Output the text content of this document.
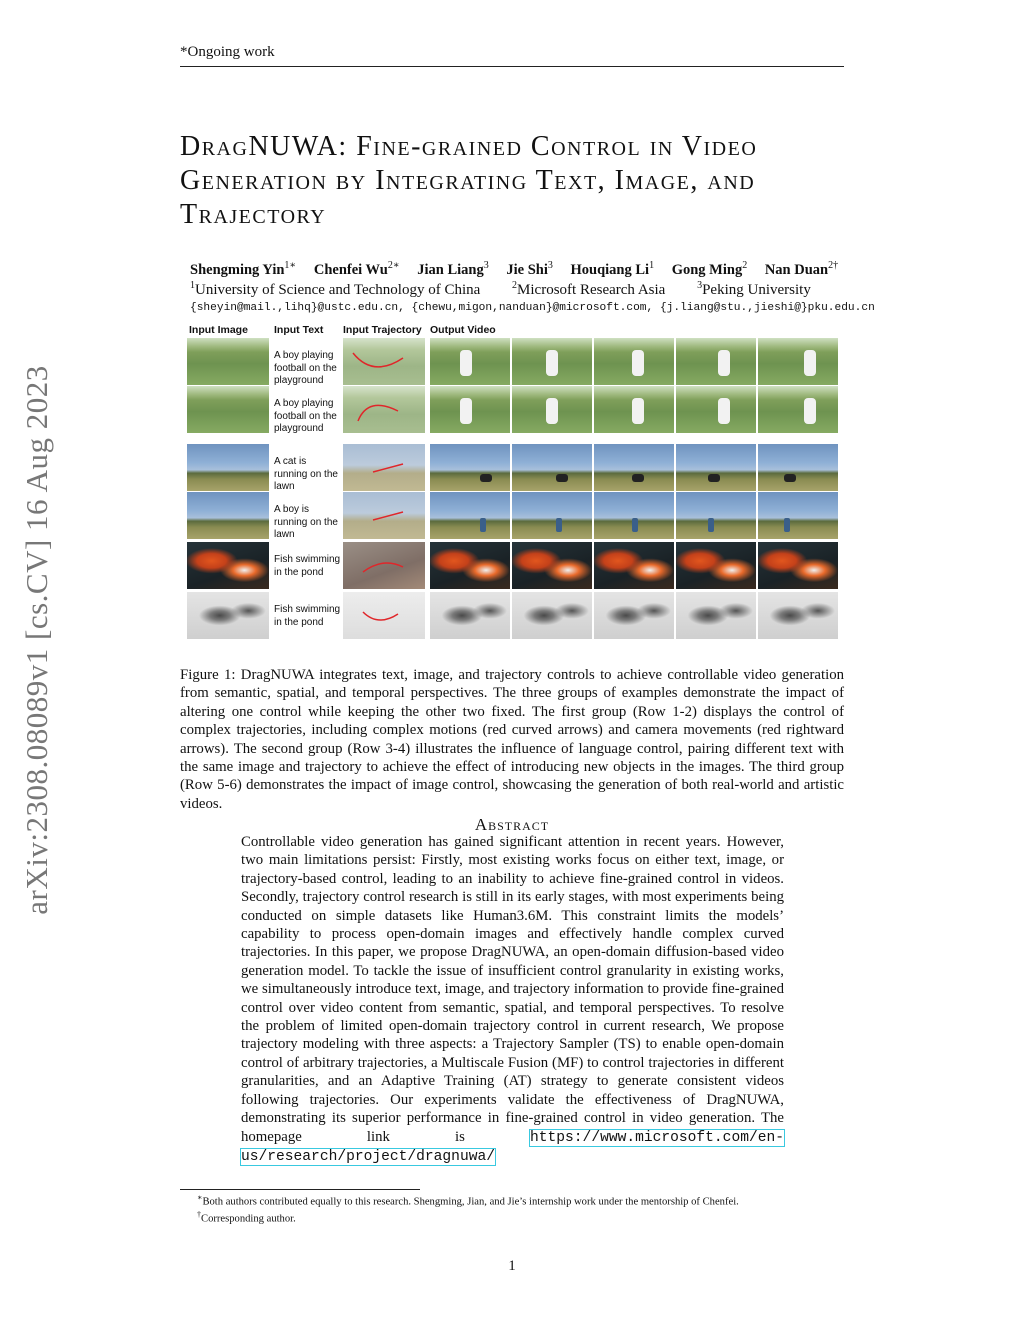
*Ongoing work
arXiv:2308.08089v1 [cs.CV] 16 Aug 2023
DragNUWA: Fine-grained Control in Video
Generation by Integrating Text, Image, and
Trajectory
Shengming Yin$^{1∗}$ Chenfei $Wu^{2∗}$ Jian Liang$^3$ Jie Shi$^3$ Houqiang Li$^1$ Gong Ming$^2$ Nan Duan$^{2\dagger}$
$^1$University of Science and Technology of China	$^2$Microsoft Research Asia	$^3$Peking University
{sheyin@mail.,lihq}@ustc.edu.cn, {chewu,migon,nanduan}@microsoft.com, {j.liang@stu.,jieshi@}pku.edu.cn
Input Image Input Text Input Trajectory Output Video
A boy playing football on the playground
A boy playing football on the playground
A cat is running on the lawn
A boy is running on the lawn
Fish swimming in the pond
Fish swimming in the pond
Figure 1: DragNUWA integrates text, image, and trajectory controls to achieve controllable video generation from semantic, spatial, and temporal perspectives. The three groups of examples demonstrate the impact of altering one control while keeping the other two fixed. The first group (Row 1-2) displays the control of complex trajectories, including complex motions (red curved arrows) and camera movements (red rightward arrows). The second group (Row 3-4) illustrates the influence of language control, pairing different text with the same image and trajectory to achieve the effect of introducing new objects in the images. The third group (Row 5-6) demonstrates the impact of image control, showcasing the generation of both real-world and artistic videos.
Abstract
Controllable video generation has gained significant attention in recent years. However, two main limitations persist: Firstly, most existing works focus on either text, image, or trajectory-based control, leading to an inability to achieve fine-grained control in videos. Secondly, trajectory control research is still in its early stages, with most experiments being conducted on simple datasets like Human3.6M. This constraint limits the models’ capability to process open-domain images and effectively handle complex curved trajectories. In this paper, we propose DragNUWA, an open-domain diffusion-based video generation model. To tackle the issue of insufficient control granularity in existing works, we simultaneously introduce text, image, and trajectory information to provide fine-grained control over video content from semantic, spatial, and temporal perspectives. To resolve the problem of limited open-domain trajectory control in current research, We propose trajectory modeling with three aspects: a Trajectory Sampler (TS) to enable open-domain control of arbitrary trajectories, a Multiscale Fusion (MF) to control trajectories in different granularities, and an Adaptive Training (AT) strategy to generate consistent videos following trajectories. Our experiments validate the effectiveness of DragNUWA, demonstrating its superior performance in fine-grained control in video generation. The homepage link is https://www.microsoft.com/en-us/research/project/dragnuwa/
∗Both authors contributed equally to this research. Shengming, Jian, and Jie’s internship work under the mentorship of Chenfei.
†Corresponding author.
1
